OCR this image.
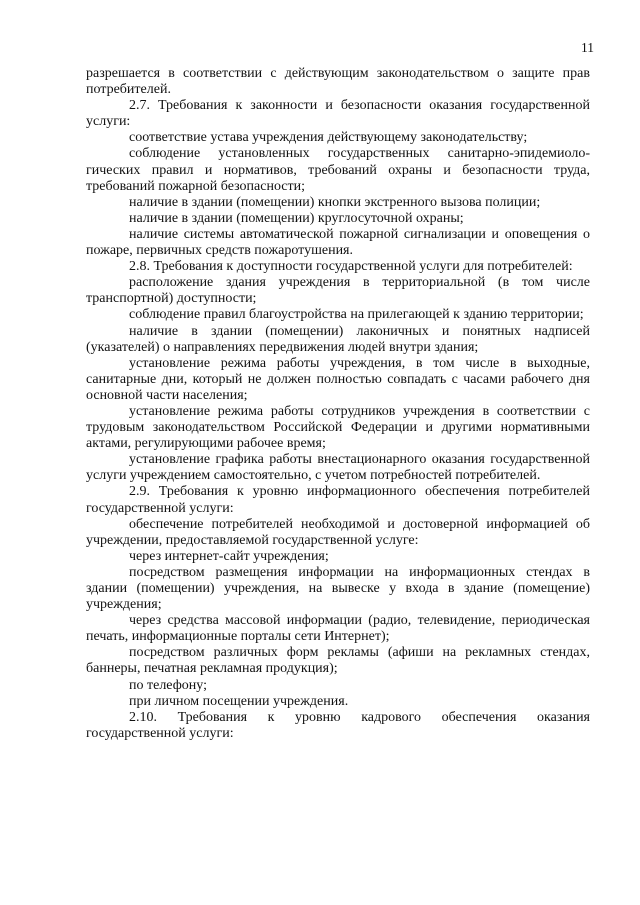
11

разрешается в соответствии с действующим законодательством о защите прав потребителей.

2.7. Требования к законности и безопасности оказания государственной услуги:

соответствие устава учреждения действующему законодательству;

соблюдение установленных государственных санитарно-эпидемиоло-гических правил и нормативов, требований охраны и безопасности труда, требований пожарной безопасности;

наличие в здании (помещении) кнопки экстренного вызова полиции;

наличие в здании (помещении) круглосуточной охраны;

наличие системы автоматической пожарной сигнализации и оповещения о пожаре, первичных средств пожаротушения.

2.8. Требования к доступности государственной услуги для потребителей:

расположение здания учреждения в территориальной (в том числе транспортной) доступности;

соблюдение правил благоустройства на прилегающей к зданию территории;

наличие в здании (помещении) лаконичных и понятных надписей (указателей) о направлениях передвижения людей внутри здания;

установление режима работы учреждения, в том числе в выходные, санитарные дни, который не должен полностью совпадать с часами рабочего дня основной части населения;

установление режима работы сотрудников учреждения в соответствии с трудовым законодательством Российской Федерации и другими нормативными актами, регулирующими рабочее время;

установление графика работы внестационарного оказания государственной услуги учреждением самостоятельно, с учетом потребностей потребителей.

2.9. Требования к уровню информационного обеспечения потребителей государственной услуги:

обеспечение потребителей необходимой и достоверной информацией об учреждении, предоставляемой государственной услуге:

через интернет-сайт учреждения;

посредством размещения информации на информационных стендах в здании (помещении) учреждения, на вывеске у входа в здание (помещение) учреждения;

через средства массовой информации (радио, телевидение, периодическая печать, информационные порталы сети Интернет);

посредством различных форм рекламы (афиши на рекламных стендах, баннеры, печатная рекламная продукция);

по телефону;

при личном посещении учреждения.

2.10. Требования к уровню кадрового обеспечения оказания государственной услуги:
